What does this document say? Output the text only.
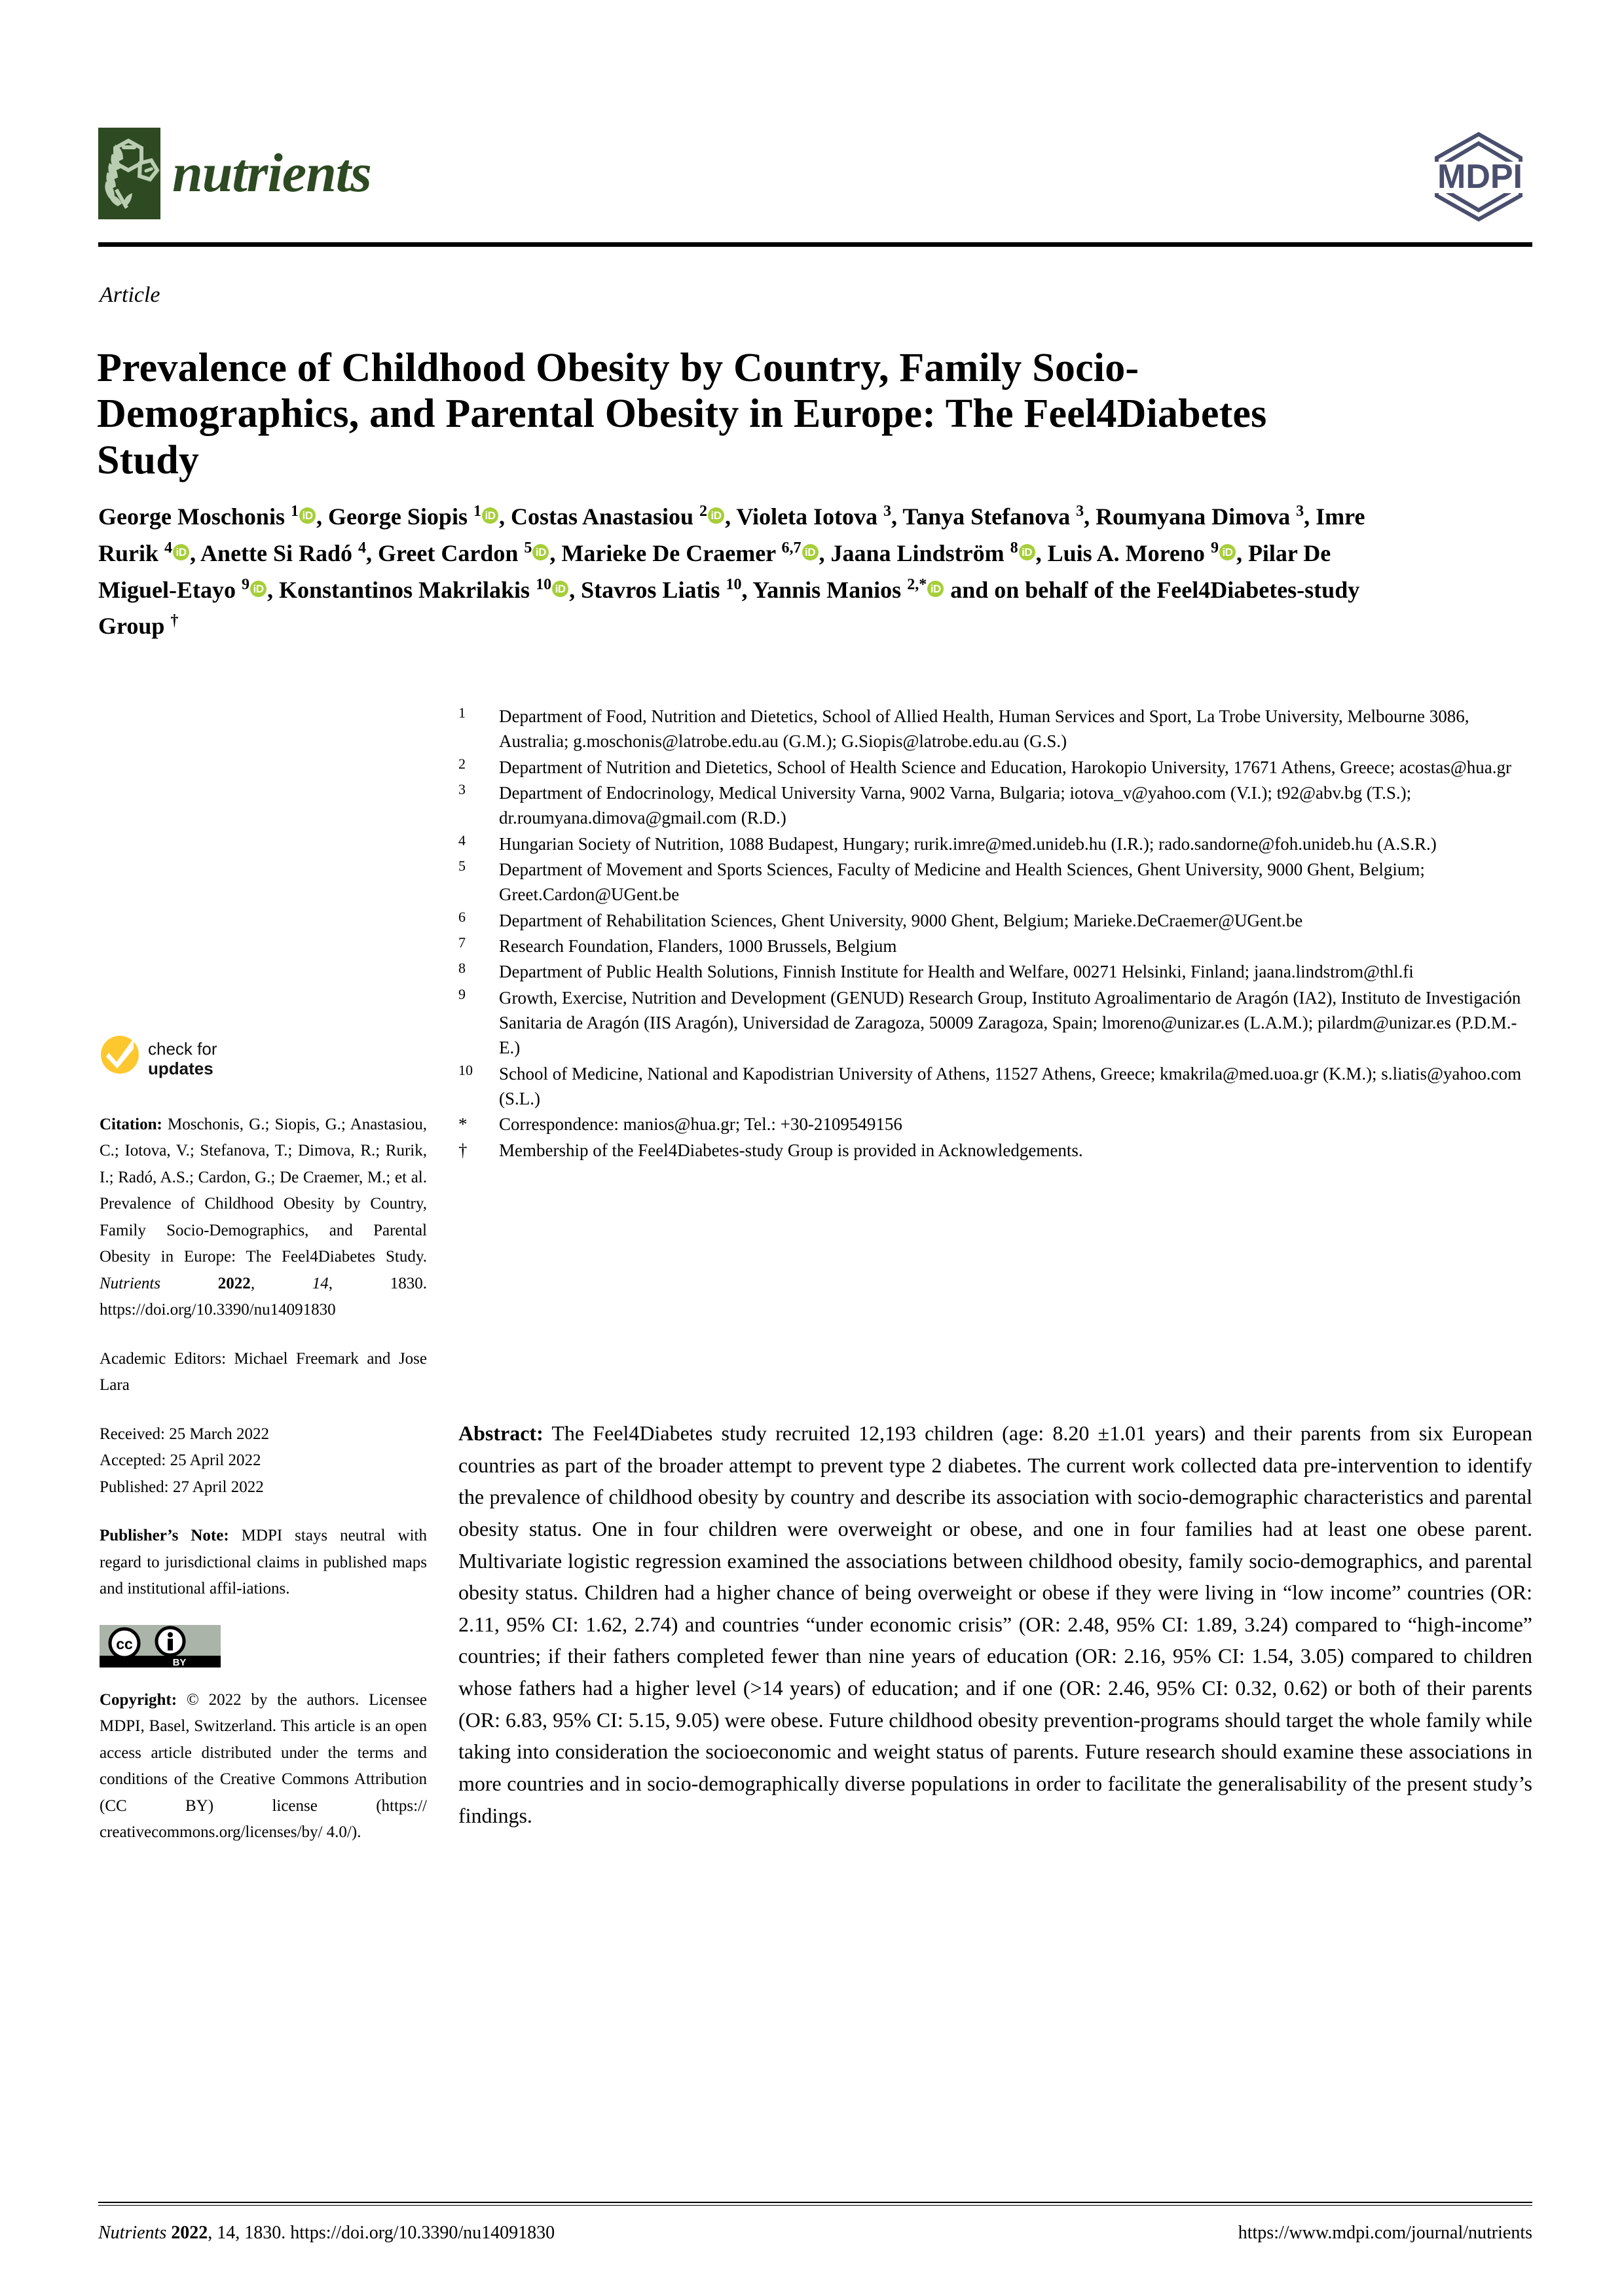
nutrients	MDPI
Article
Prevalence of Childhood Obesity by Country, Family Socio-Demographics, and Parental Obesity in Europe: The Feel4Diabetes Study
George Moschonis $^1$ iD , George Siopis $^1$ iD , Costas Anastasiou $^2$ iD , Violeta Iotova $^3$, Tanya Stefanova $^3$, Roumyana Dimova $^3$, Imre Rurik $^4$ iD , Anette Si Radó $^4$, Greet Cardon $^5$ iD , Marieke De Craemer $^{6,7}$ iD , Jaana Lindström $^8$ iD , Luis A. Moreno $^9$ iD , Pilar De Miguel-Etayo $^9$ iD , Konstantinos Makrilakis $^{10}$ iD , Stavros Liatis $^{10}$, Yannis Manios $^{2,*}$ iD and on behalf of the Feel4Diabetes-study Group †
1	Department of Food, Nutrition and Dietetics, School of Allied Health, Human Services and Sport, La Trobe University, Melbourne 3086, Australia; g.moschonis@latrobe.edu.au (G.M.); G.Siopis@latrobe.edu.au (G.S.)
2	Department of Nutrition and Dietetics, School of Health Science and Education, Harokopio University, 17671 Athens, Greece; acostas@hua.gr
3	Department of Endocrinology, Medical University Varna, 9002 Varna, Bulgaria; iotova_v@yahoo.com (V.I.); t92@abv.bg (T.S.); dr.roumyana.dimova@gmail.com (R.D.)
4	Hungarian Society of Nutrition, 1088 Budapest, Hungary; rurik.imre@med.unideb.hu (I.R.); rado.sandorne@foh.unideb.hu (A.S.R.)
5	Department of Movement and Sports Sciences, Faculty of Medicine and Health Sciences, Ghent University, 9000 Ghent, Belgium; Greet.Cardon@UGent.be
6	Department of Rehabilitation Sciences, Ghent University, 9000 Ghent, Belgium; Marieke.DeCraemer@UGent.be
7	Research Foundation, Flanders, 1000 Brussels, Belgium
8	Department of Public Health Solutions, Finnish Institute for Health and Welfare, 00271 Helsinki, Finland; jaana.lindstrom@thl.fi
9	Growth, Exercise, Nutrition and Development (GENUD) Research Group, Instituto Agroalimentario de Aragón (IA2), Instituto de Investigación Sanitaria de Aragón (IIS Aragón), Universidad de Zaragoza, 50009 Zaragoza, Spain; lmoreno@unizar.es (L.A.M.); pilardm@unizar.es (P.D.M.-E.)
10	School of Medicine, National and Kapodistrian University of Athens, 11527 Athens, Greece; kmakrila@med.uoa.gr (K.M.); s.liatis@yahoo.com (S.L.)
*	Correspondence: manios@hua.gr; Tel.: +30-2109549156
†	Membership of the Feel4Diabetes-study Group is provided in Acknowledgements.
Abstract: The Feel4Diabetes study recruited 12,193 children (age: 8.20 ±1.01 years) and their parents from six European countries as part of the broader attempt to prevent type 2 diabetes. The current work collected data pre-intervention to identify the prevalence of childhood obesity by country and describe its association with socio-demographic characteristics and parental obesity status. One in four children were overweight or obese, and one in four families had at least one obese parent. Multivariate logistic regression examined the associations between childhood obesity, family socio-demographics, and parental obesity status. Children had a higher chance of being overweight or obese if they were living in “low income” countries (OR: 2.11, 95% CI: 1.62, 2.74) and countries “under economic crisis” (OR: 2.48, 95% CI: 1.89, 3.24) compared to “high-income” countries; if their fathers completed fewer than nine years of education (OR: 2.16, 95% CI: 1.54, 3.05) compared to children whose fathers had a higher level (>14 years) of education; and if one (OR: 2.46, 95% CI: 0.32, 0.62) or both of their parents (OR: 6.83, 95% CI: 5.15, 9.05) were obese. Future childhood obesity prevention-programs should target the whole family while taking into consideration the socioeconomic and weight status of parents. Future research should examine these associations in more countries and in socio-demographically diverse populations in order to facilitate the generalisability of the present study’s findings.
check for
updates
Citation: Moschonis, G.; Siopis, G.; Anastasiou, C.; Iotova, V.; Stefanova, T.; Dimova, R.; Rurik, I.; Radó, A.S.; Cardon, G.; De Craemer, M.; et al. Prevalence of Childhood Obesity by Country, Family Socio-Demographics, and Parental Obesity in Europe: The Feel4Diabetes Study. Nutrients 2022, 14, 1830. https://doi.org/10.3390/nu14091830
Academic Editors: Michael Freemark and Jose Lara
Received: 25 March 2022
Accepted: 25 April 2022
Published: 27 April 2022
Publisher’s Note: MDPI stays neutral with regard to jurisdictional claims in published maps and institutional affil-iations.
cc
BY
Copyright: © 2022 by the authors. Licensee MDPI, Basel, Switzerland. This article is an open access article distributed under the terms and conditions of the Creative Commons Attribution (CC BY) license (https:// creativecommons.org/licenses/by/ 4.0/).
Nutrients 2022, 14, 1830. https://doi.org/10.3390/nu14091830	https://www.mdpi.com/journal/nutrients
